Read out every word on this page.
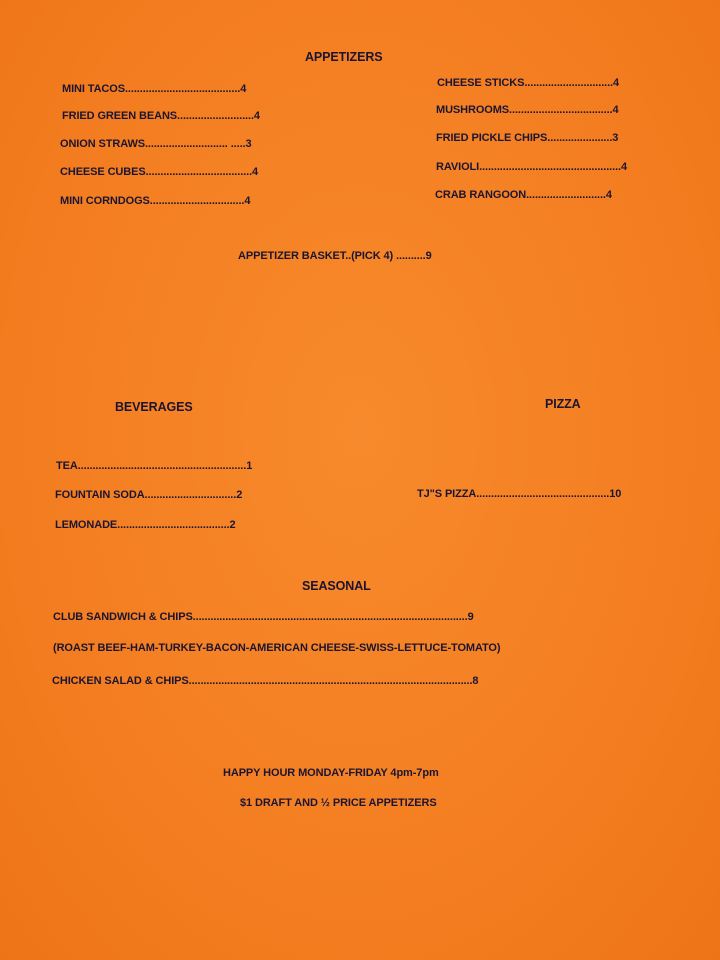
APPETIZERS
MINI TACOS.......................................4
FRIED GREEN BEANS..........................4
ONION STRAWS............................ .....3
CHEESE CUBES....................................4
MINI CORNDOGS................................4
CHEESE STICKS..............................4
MUSHROOMS...................................4
FRIED PICKLE CHIPS......................3
RAVIOLI................................................4
CRAB RANGOON...........................4
APPETIZER BASKET..(PICK 4) ..........9
BEVERAGES
TEA.........................................................1
FOUNTAIN SODA...............................2
LEMONADE......................................2
PIZZA
TJ"S PIZZA.............................................10
SEASONAL
CLUB SANDWICH & CHIPS.............................................................................................9
(ROAST BEEF-HAM-TURKEY-BACON-AMERICAN CHEESE-SWISS-LETTUCE-TOMATO)
CHICKEN SALAD & CHIPS................................................................................................8
HAPPY HOUR MONDAY-FRIDAY 4pm-7pm
$1 DRAFT AND ½ PRICE APPETIZERS
